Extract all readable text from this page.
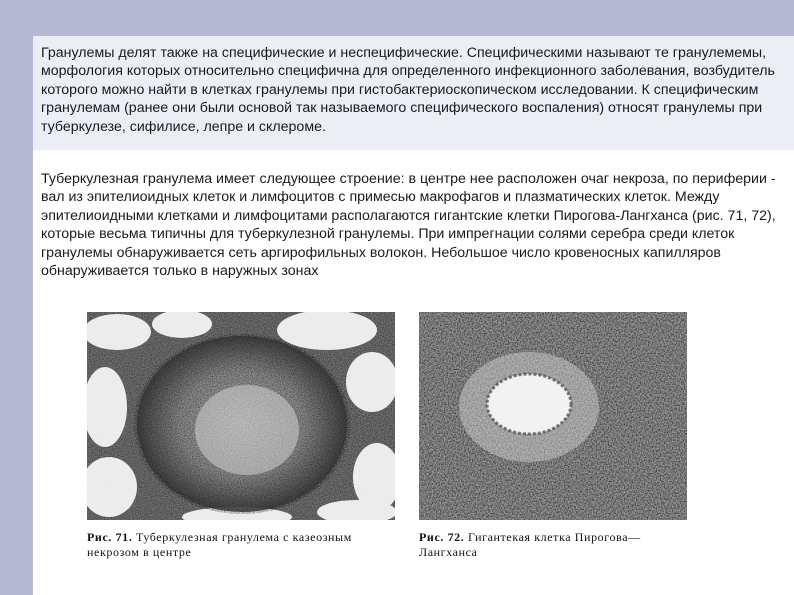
Гранулемы делят также на специфические и неспецифические. Специфическими называют те гранулемемы, морфология которых относительно специфична для определенного инфекционного заболевания, возбудитель которого можно найти в клетках гранулемы при гистобактериоскопическом исследовании. К специфическим гранулемам (ранее они были основой так называемого специфического воспаления) относят гранулемы при туберкулезе, сифилисе, лепре и склероме.

Туберкулезная гранулема имеет следующее строение: в центре нее расположен очаг некроза, по периферии - вал из эпителиоидных клеток и лимфоцитов с примесью макрофагов и плазматических клеток. Между эпителиоидными клетками и лимфоцитами располагаются гигантские клетки Пирогова-Лангханса (рис. 71, 72), которые весьма типичны для туберкулезной гранулемы. При импрегнации солями серебра среди клеток гранулемы обнаруживается сеть аргирофильных волокон. Небольшое число кровеносных капилляров обнаруживается только в наружных зонах

Рис. 71. Туберкулезная гранулема с казеозным некрозом в центре
Рис. 72. Гигантекая клетка Пирогова—Лангханса
